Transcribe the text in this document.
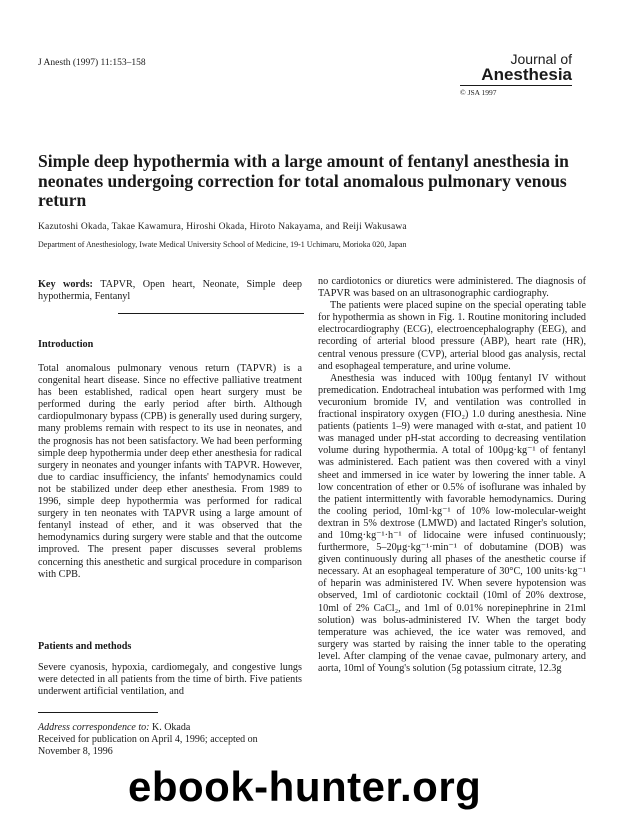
J Anesth (1997) 11:153–158	Journal of
Anesthesia
© JSA 1997
Simple deep hypothermia with a large amount of fentanyl anesthesia in neonates undergoing correction for total anomalous pulmonary venous return
Kazutoshi Okada, Takae Kawamura, Hiroshi Okada, Hiroto Nakayama, and Reiji Wakusawa
Department of Anesthesiology, Iwate Medical University School of Medicine, 19-1 Uchimaru, Morioka 020, Japan
Key words: TAPVR, Open heart, Neonate, Simple deep hypothermia, Fentanyl
Introduction
Total anomalous pulmonary venous return (TAPVR) is a congenital heart disease. Since no effective palliative treatment has been established, radical open heart surgery must be performed during the early period after birth. Although cardiopulmonary bypass (CPB) is generally used during surgery, many problems remain with respect to its use in neonates, and the prognosis has not been satisfactory. We had been performing simple deep hypothermia under deep ether anesthesia for radical surgery in neonates and younger infants with TAPVR. However, due to cardiac insufficiency, the infants' hemodynamics could not be stabilized under deep ether anesthesia. From 1989 to 1996, simple deep hypothermia was performed for radical surgery in ten neonates with TAPVR using a large amount of fentanyl instead of ether, and it was observed that the hemodynamics during surgery were stable and that the outcome improved. The present paper discusses several problems concerning this anesthetic and surgical procedure in comparison with CPB.
Patients and methods
Severe cyanosis, hypoxia, cardiomegaly, and congestive lungs were detected in all patients from the time of birth. Five patients underwent artificial ventilation, and
Address correspondence to: K. Okada
Received for publication on April 4, 1996; accepted on November 8, 1996

no cardiotonics or diuretics were administered. The diagnosis of TAPVR was based on an ultrasonographic cardiography.

The patients were placed supine on the special operating table for hypothermia as shown in Fig. 1. Routine monitoring included electrocardiography (ECG), electroencephalography (EEG), and recording of arterial blood pressure (ABP), heart rate (HR), central venous pressure (CVP), arterial blood gas analysis, rectal and esophageal temperature, and urine volume.

Anesthesia was induced with 100μg fentanyl IV without premedication. Endotracheal intubation was performed with 1mg vecuronium bromide IV, and ventilation was controlled in fractional inspiratory oxygen (FIO₂) 1.0 during anesthesia. Nine patients (patients 1–9) were managed with α-stat, and patient 10 was managed under pH-stat according to decreasing ventilation volume during hypothermia. A total of 100μg·kg⁻¹ of fentanyl was administered. Each patient was then covered with a vinyl sheet and immersed in ice water by lowering the inner table. A low concentration of ether or 0.5% of isoflurane was inhaled by the patient intermittently with favorable hemodynamics. During the cooling period, 10ml·kg⁻¹ of 10% low-molecular-weight dextran in 5% dextrose (LMWD) and lactated Ringer's solution, and 10mg·kg⁻¹·h⁻¹ of lidocaine were infused continuously; furthermore, 5–20μg·kg⁻¹·min⁻¹ of dobutamine (DOB) was given continuously during all phases of the anesthetic course if necessary. At an esophageal temperature of 30°C, 100 units·kg⁻¹ of heparin was administered IV. When severe hypotension was observed, 1ml of cardiotonic cocktail (10ml of 20% dextrose, 10ml of 2% CaCl₂, and 1ml of 0.01% norepinephrine in 21ml solution) was bolus-administered IV. When the target body temperature was achieved, the ice water was removed, and surgery was started by raising the inner table to the operating level. After clamping of the venae cavae, pulmonary artery, and aorta, 10ml of Young's solution (5g potassium citrate, 12.3g

ebook-hunter.org
